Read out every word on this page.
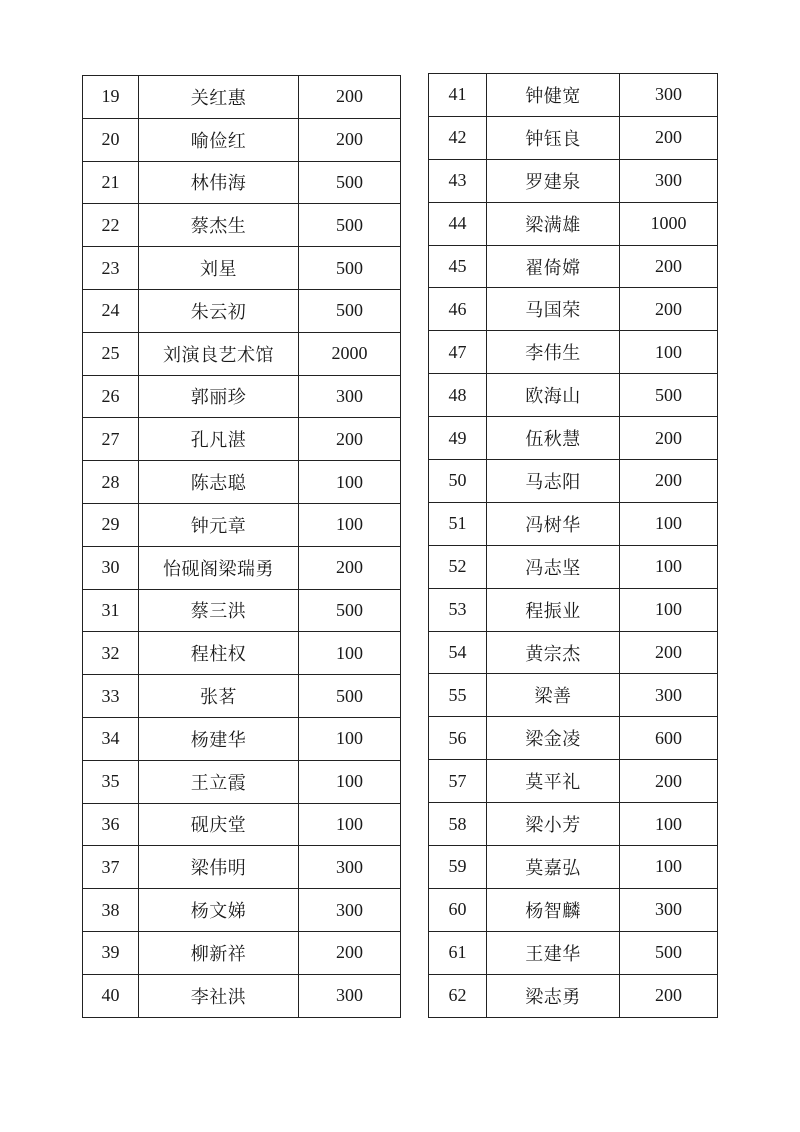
19	关红惠	200
20	喻俭红	200
21	林伟海	500
22	蔡杰生	500
23	刘星	500
24	朱云初	500
25	刘演良艺术馆	2000
26	郭丽珍	300
27	孔凡湛	200
28	陈志聪	100
29	钟元章	100
30	怡砚阁梁瑞勇	200
31	蔡三洪	500
32	程柱权	100
33	张茗	500
34	杨建华	100
35	王立霞	100
36	砚庆堂	100
37	梁伟明	300
38	杨文娣	300
39	柳新祥	200
40	李社洪	300
41	钟健宽	300
42	钟钰良	200
43	罗建泉	300
44	梁满雄	1000
45	翟倚嫦	200
46	马国荣	200
47	李伟生	100
48	欧海山	500
49	伍秋慧	200
50	马志阳	200
51	冯树华	100
52	冯志坚	100
53	程振业	100
54	黄宗杰	200
55	梁善	300
56	梁金凌	600
57	莫平礼	200
58	梁小芳	100
59	莫嘉弘	100
60	杨智麟	300
61	王建华	500
62	梁志勇	200
